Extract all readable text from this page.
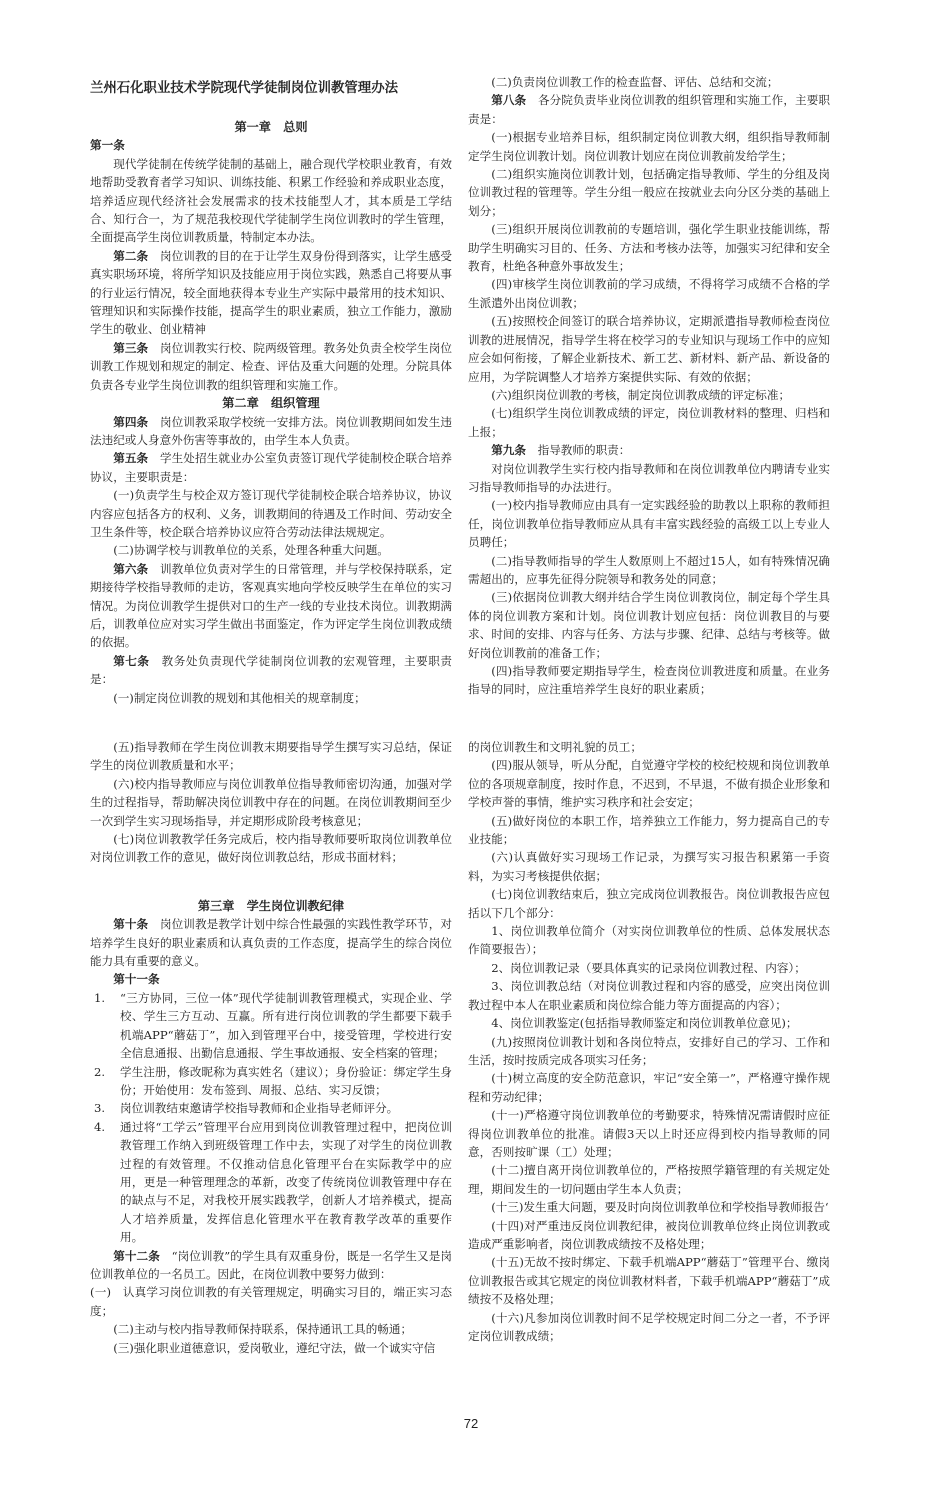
兰州石化职业技术学院现代学徒制岗位训教管理办法

第一章　总则

第一条

现代学徒制在传统学徒制的基础上，融合现代学校职业教育，有效地帮助受教育者学习知识、训练技能、积累工作经验和养成职业态度，培养适应现代经济社会发展需求的技术技能型人才，其本质是工学结合、知行合一，为了规范我校现代学徒制学生岗位训教时的学生管理，全面提高学生岗位训教质量，特制定本办法。

第二条　 岗位训教的目的在于让学生双身份得到落实，让学生感受真实职场环境，将所学知识及技能应用于岗位实践，熟悉自己将要从事的行业运行情况，较全面地获得本专业生产实际中最常用的技术知识、管理知识和实际操作技能，提高学生的职业素质，独立工作能力，激励学生的敬业、创业精神

第三条　 岗位训教实行校、院两级管理。教务处负责全校学生岗位训教工作规划和规定的制定、检查、评估及重大问题的处理。分院具体负责各专业学生岗位训教的组织管理和实施工作。

第二章　组织管理

第四条　 岗位训教采取学校统一安排方法。岗位训教期间如发生违法违纪或人身意外伤害等事故的，由学生本人负责。

第五条　 学生处招生就业办公室负责签订现代学徒制校企联合培养协议，主要职责是：

(一)负责学生与校企双方签订现代学徒制校企联合培养协议，协议内容应包括各方的权利、义务，训教期间的待遇及工作时间、劳动安全卫生条件等，校企联合培养协议应符合劳动法律法规规定。

(二)协调学校与训教单位的关系，处理各种重大问题。

第六条　 训教单位负责对学生的日常管理，并与学校保持联系，定期接待学校指导教师的走访，客观真实地向学校反映学生在单位的实习情况。为岗位训教学生提供对口的生产一线的专业技术岗位。训教期满后，训教单位应对实习学生做出书面鉴定，作为评定学生岗位训教成绩的依据。

第七条　 教务处负责现代学徒制岗位训教的宏观管理，主要职责是：

(一)制定岗位训教的规划和其他相关的规章制度；

(二)负责岗位训教工作的检查监督、评估、总结和交流；

第八条　 各分院负责毕业岗位训教的组织管理和实施工作，主要职责是：

(一)根据专业培养目标，组织制定岗位训教大纲，组织指导教师制定学生岗位训教计划。岗位训教计划应在岗位训教前发给学生；

(二)组织实施岗位训教计划，包括确定指导教师、学生的分组及岗位训教过程的管理等。学生分组一般应在按就业去向分区分类的基础上划分；

(三)组织开展岗位训教前的专题培训，强化学生职业技能训练，帮助学生明确实习目的、任务、方法和考核办法等，加强实习纪律和安全教育，杜绝各种意外事故发生；

(四)审核学生岗位训教前的学习成绩，不得将学习成绩不合格的学生派遣外出岗位训教；

(五)按照校企间签订的联合培养协议，定期派遣指导教师检查岗位训教的进展情况，指导学生将在校学习的专业知识与现场工作中的应知应会如何衔接，了解企业新技术、新工艺、新材料、新产品、新设备的应用，为学院调整人才培养方案提供实际、有效的依据；

(六)组织岗位训教的考核，制定岗位训教成绩的评定标准；

(七)组织学生岗位训教成绩的评定，岗位训教材料的整理、归档和上报；

第九条　 指导教师的职责：

对岗位训教学生实行校内指导教师和在岗位训教单位内聘请专业实习指导教师指导的办法进行。

(一)校内指导教师应由具有一定实践经验的助教以上职称的教师担任，岗位训教单位指导教师应从具有丰富实践经验的高级工以上专业人员聘任；

(二)指导教师指导的学生人数原则上不超过15人，如有特殊情况确需超出的，应事先征得分院领导和教务处的同意；

(三)依据岗位训教大纲并结合学生岗位训教岗位，制定每个学生具体的岗位训教方案和计划。岗位训教计划应包括：岗位训教目的与要求、时间的安排、内容与任务、方法与步骤、纪律、总结与考核等。做好岗位训教前的准备工作；

(四)指导教师要定期指导学生，检查岗位训教进度和质量。在业务指导的同时，应注重培养学生良好的职业素质；

(五)指导教师在学生岗位训教末期要指导学生撰写实习总结，保证学生的岗位训教质量和水平；

(六)校内指导教师应与岗位训教单位指导教师密切沟通，加强对学生的过程指导，帮助解决岗位训教中存在的问题。在岗位训教期间至少一次到学生实习现场指导，并定期形成阶段考核意见；

(七)岗位训教教学任务完成后，校内指导教师要听取岗位训教单位对岗位训教工作的意见，做好岗位训教总结，形成书面材料；

第三章　学生岗位训教纪律

第十条　 岗位训教是教学计划中综合性最强的实践性教学环节，对培养学生良好的职业素质和认真负责的工作态度，提高学生的综合岗位能力具有重要的意义。

第十一条

1.	“三方协同，三位一体”现代学徒制训教管理模式，实现企业、学校、学生三方互动、互赢。所有进行岗位训教的学生都要下载手机端APP“蘑菇丁”，加入到管理平台中，接受管理，学校进行安全信息通报、出勤信息通报、学生事故通报、安全档案的管理；

2.	学生注册，修改昵称为真实姓名（建议）；身份验证：绑定学生身份；开始使用：发布签到、周报、总结、实习反馈；

3.	岗位训教结束邀请学校指导教师和企业指导老师评分。

4.	通过将“工学云”管理平台应用到岗位训教管理过程中，把岗位训教管理工作纳入到班级管理工作中去，实现了对学生的岗位训教过程的有效管理。不仅推动信息化管理平台在实际教学中的应用，更是一种管理理念的革新，改变了传统岗位训教管理中存在的缺点与不足，对我校开展实践教学，创新人才培养模式，提高人才培养质量，发挥信息化管理水平在教育教学改革的重要作用。

第十二条　 “岗位训教”的学生具有双重身份，既是一名学生又是岗位训教单位的一名员工。因此，在岗位训教中要努力做到：

(一)　认真学习岗位训教的有关管理规定，明确实习目的，端正实习态度；

(二)主动与校内指导教师保持联系，保持通讯工具的畅通；

(三)强化职业道德意识，爱岗敬业，遵纪守法，做一个诚实守信

的岗位训教生和文明礼貌的员工；

(四)服从领导，听从分配，自觉遵守学校的校纪校规和岗位训教单位的各项规章制度，按时作息，不迟到，不早退，不做有损企业形象和学校声誉的事情，维护实习秩序和社会安定；

(五)做好岗位的本职工作，培养独立工作能力，努力提高自己的专业技能；

(六)认真做好实习现场工作记录，为撰写实习报告积累第一手资料，为实习考核提供依据；

(七)岗位训教结束后，独立完成岗位训教报告。岗位训教报告应包括以下几个部分：

1、岗位训教单位简介（对实岗位训教单位的性质、总体发展状态作简要报告）；

2、岗位训教记录（要具体真实的记录岗位训教过程、内容）；

3、岗位训教总结（对岗位训教过程和内容的感受，应突出岗位训教过程中本人在职业素质和岗位综合能力等方面提高的内容）；

4、岗位训教鉴定(包括指导教师鉴定和岗位训教单位意见)；

(九)按照岗位训教计划和各岗位特点，安排好自己的学习、工作和生活，按时按质完成各项实习任务；

(十)树立高度的安全防范意识，牢记“安全第一”，严格遵守操作规程和劳动纪律；

(十一)严格遵守岗位训教单位的考勤要求，特殊情况需请假时应征得岗位训教单位的批准。请假3天以上时还应得到校内指导教师的同意，否则按旷课（工）处理；

(十二)擅自离开岗位训教单位的，严格按照学籍管理的有关规定处理，期间发生的一切问题由学生本人负责；

(十三)发生重大问题，要及时向岗位训教单位和学校指导教师报告‘

(十四)对严重违反岗位训教纪律，被岗位训教单位终止岗位训教或造成严重影响者，岗位训教成绩按不及格处理；

(十五)无故不按时绑定、下载手机端APP“蘑菇丁”管理平台、缴岗位训教报告或其它规定的岗位训教材料者，下载手机端APP“蘑菇丁”成绩按不及格处理；

(十六)凡参加岗位训教时间不足学校规定时间二分之一者，不予评定岗位训教成绩；

72
